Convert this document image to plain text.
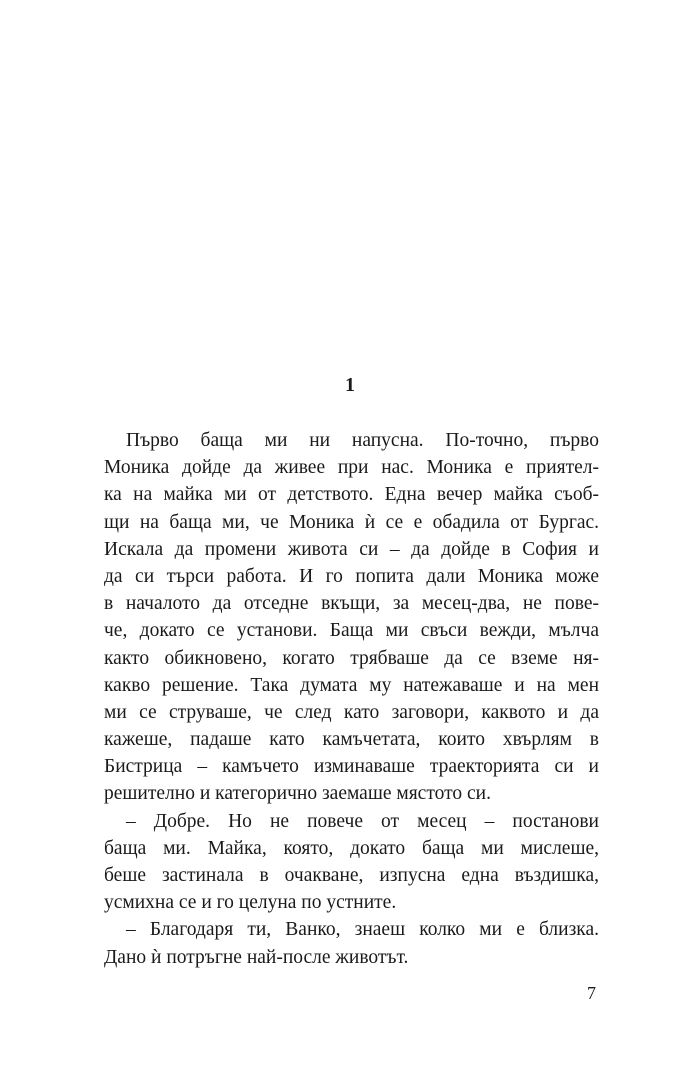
1
Първо баща ми ни напусна. По-точно, първо
Моника дойде да живее при нас. Моника е приятел-
ка на майка ми от детството. Една вечер майка съоб-
щи на баща ми, че Моника ѝ се е обадила от Бургас.
Искала да промени живота си – да дойде в София и
да си търси работа. И го попита дали Моника може
в началото да отседне вкъщи, за месец-два, не пове-
че, докато се установи. Баща ми свъси вежди, мълча
както обикновено, когато трябваше да се вземе ня-
какво решение. Така думата му натежаваше и на мен
ми се струваше, че след като заговори, каквото и да
кажеше, падаше като камъчетата, които хвърлям в
Бистрица – камъчето изминаваше траекторията си и
решително и категорично заемаше мястото си.
– Добре. Но не повече от месец – постанови
баща ми. Майка, която, докато баща ми мислеше,
беше застинала в очакване, изпусна една въздишка,
усмихна се и го целуна по устните.
– Благодаря ти, Ванко, знаеш колко ми е близка.
Дано ѝ потръгне най-после животът.
7
